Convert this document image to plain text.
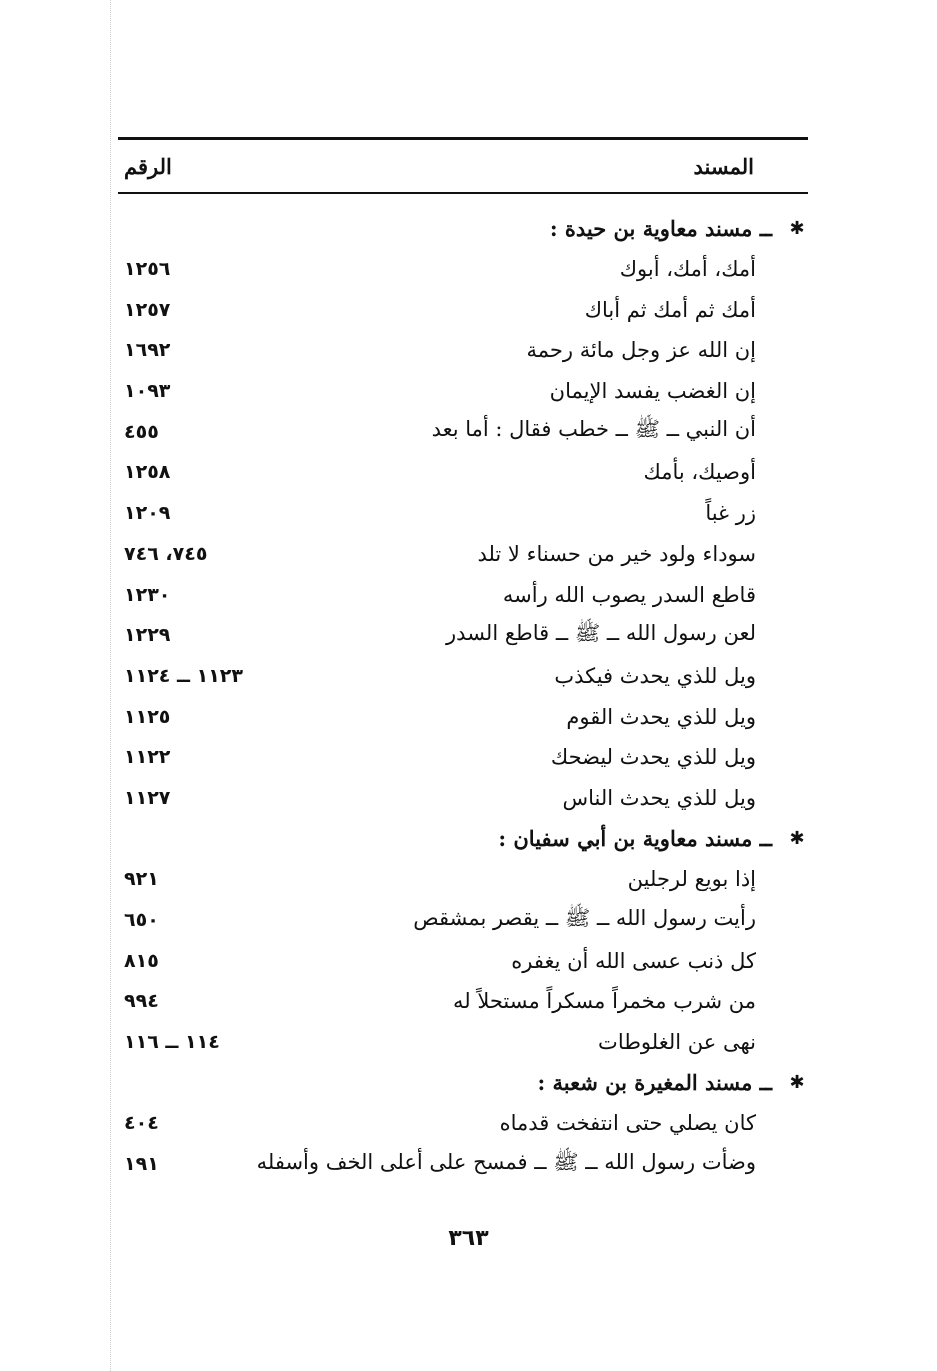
المسند
الرقم
✱
ــ مسند معاوية بن حيدة :
أمك، أمك، أبوك
١٢٥٦
أمك ثم أمك ثم أباك
١٢٥٧
إن الله عز وجل مائة رحمة
١٦٩٢
إن الغضب يفسد الإيمان
١٠٩٣
أن النبي ــ ﷺ ــ خطب فقال : أما بعد
٤٥٥
أوصيك، بأمك
١٢٥٨
زر غباً
١٢٠٩
سوداء ولود خير من حسناء لا تلد
٧٤٥، ٧٤٦
قاطع السدر يصوب الله رأسه
١٢٣٠
لعن رسول الله ــ ﷺ ــ قاطع السدر
١٢٢٩
ويل للذي يحدث فيكذب
١١٢٣ ــ ١١٢٤
ويل للذي يحدث القوم
١١٢٥
ويل للذي يحدث ليضحك
١١٢٢
ويل للذي يحدث الناس
١١٢٧
✱
ــ مسند معاوية بن أبي سفيان :
إذا بويع لرجلين
٩٢١
رأيت رسول الله ــ ﷺ ــ يقصر بمشقص
٦٥٠
كل ذنب عسى الله أن يغفره
٨١٥
من شرب مخمراً مسكراً مستحلاً له
٩٩٤
نهى عن الغلوطات
١١٤ ــ ١١٦
✱
ــ مسند المغيرة بن شعبة :
كان يصلي حتى انتفخت قدماه
٤٠٤
وضأت رسول الله ــ ﷺ ــ فمسح على أعلى الخف وأسفله
١٩١
٣٦٣
